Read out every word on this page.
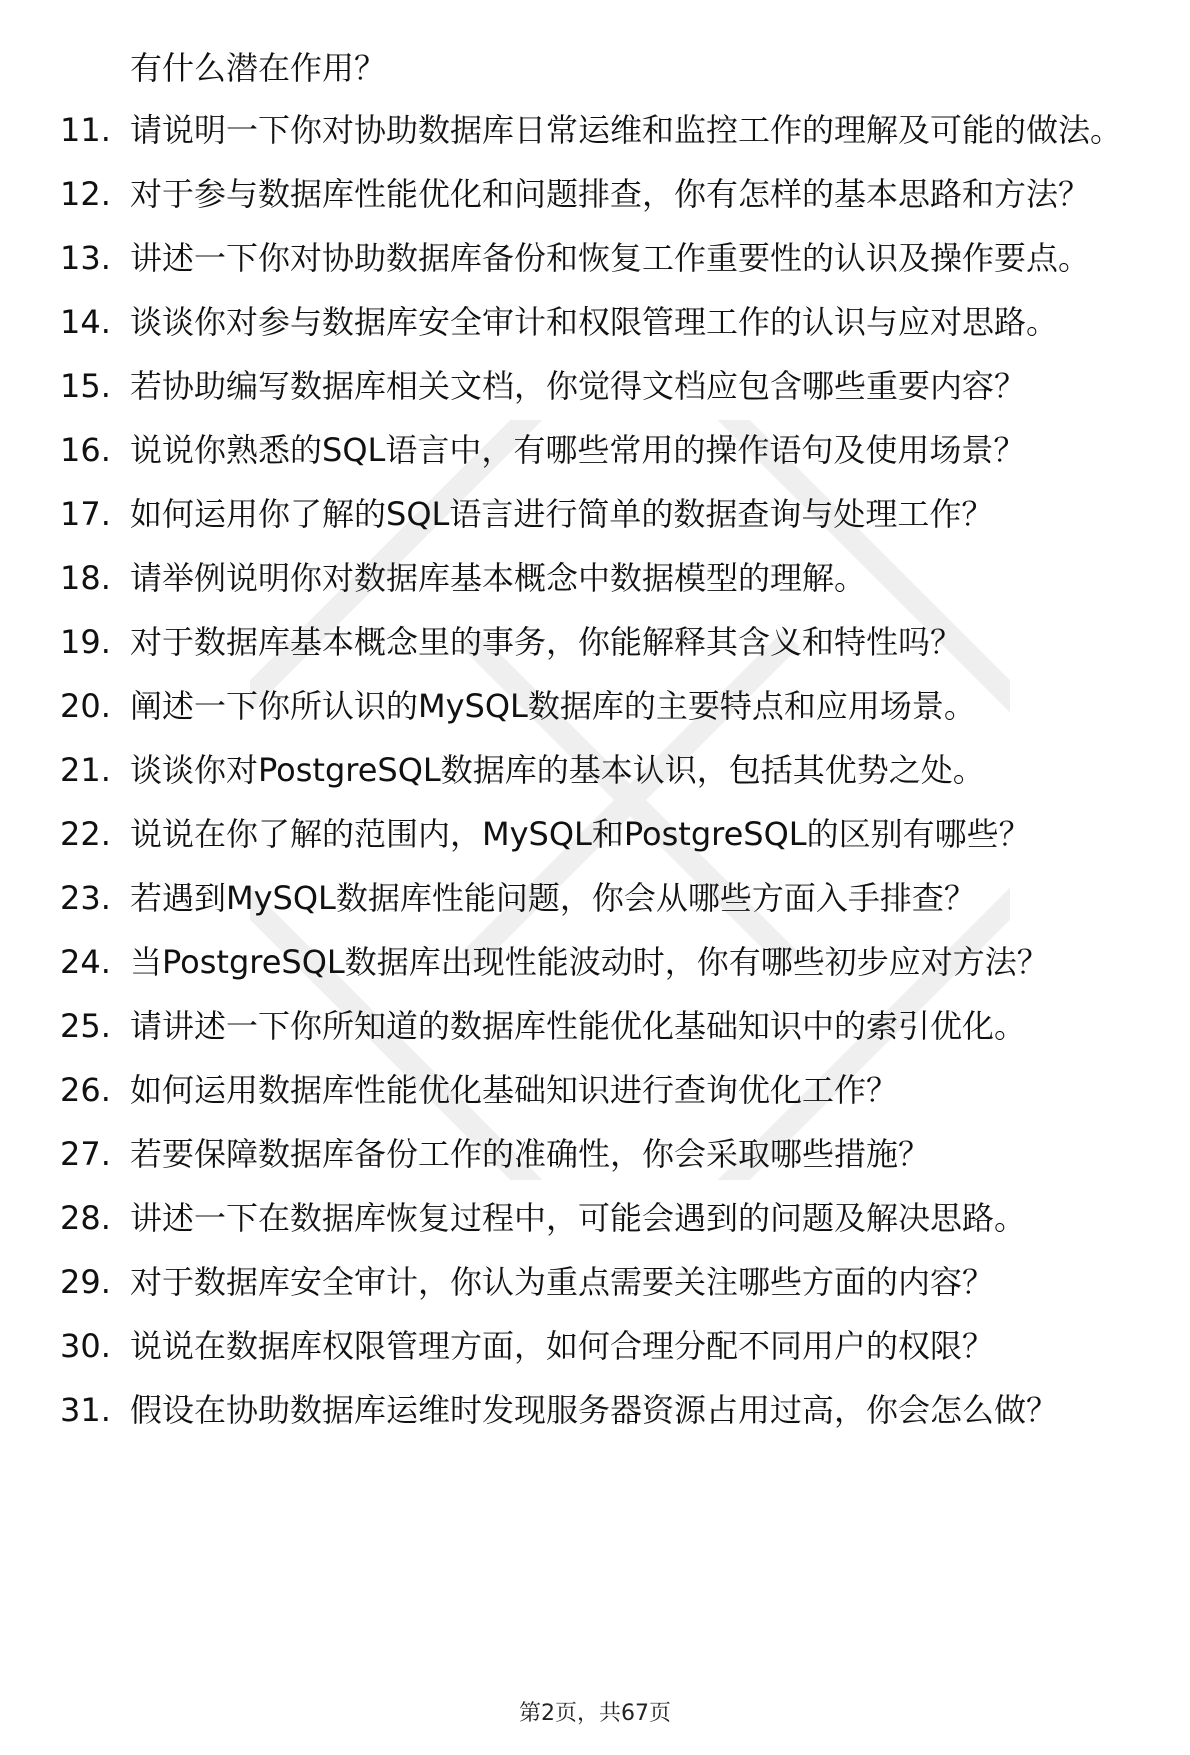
有什么潜在作用？
11. 请说明一下你对协助数据库日常运维和监控工作的理解及可能的做法。
12. 对于参与数据库性能优化和问题排查，你有怎样的基本思路和方法？
13. 讲述一下你对协助数据库备份和恢复工作重要性的认识及操作要点。
14. 谈谈你对参与数据库安全审计和权限管理工作的认识与应对思路。
15. 若协助编写数据库相关文档，你觉得文档应包含哪些重要内容？
16. 说说你熟悉的SQL语言中，有哪些常用的操作语句及使用场景？
17. 如何运用你了解的SQL语言进行简单的数据查询与处理工作？
18. 请举例说明你对数据库基本概念中数据模型的理解。
19. 对于数据库基本概念里的事务，你能解释其含义和特性吗？
20. 阐述一下你所认识的MySQL数据库的主要特点和应用场景。
21. 谈谈你对PostgreSQL数据库的基本认识，包括其优势之处。
22. 说说在你了解的范围内，MySQL和PostgreSQL的区别有哪些？
23. 若遇到MySQL数据库性能问题，你会从哪些方面入手排查？
24. 当PostgreSQL数据库出现性能波动时，你有哪些初步应对方法？
25. 请讲述一下你所知道的数据库性能优化基础知识中的索引优化。
26. 如何运用数据库性能优化基础知识进行查询优化工作？
27. 若要保障数据库备份工作的准确性，你会采取哪些措施？
28. 讲述一下在数据库恢复过程中，可能会遇到的问题及解决思路。
29. 对于数据库安全审计，你认为重点需要关注哪些方面的内容？
30. 说说在数据库权限管理方面，如何合理分配不同用户的权限？
31. 假设在协助数据库运维时发现服务器资源占用过高，你会怎么做？
第2页，共67页
